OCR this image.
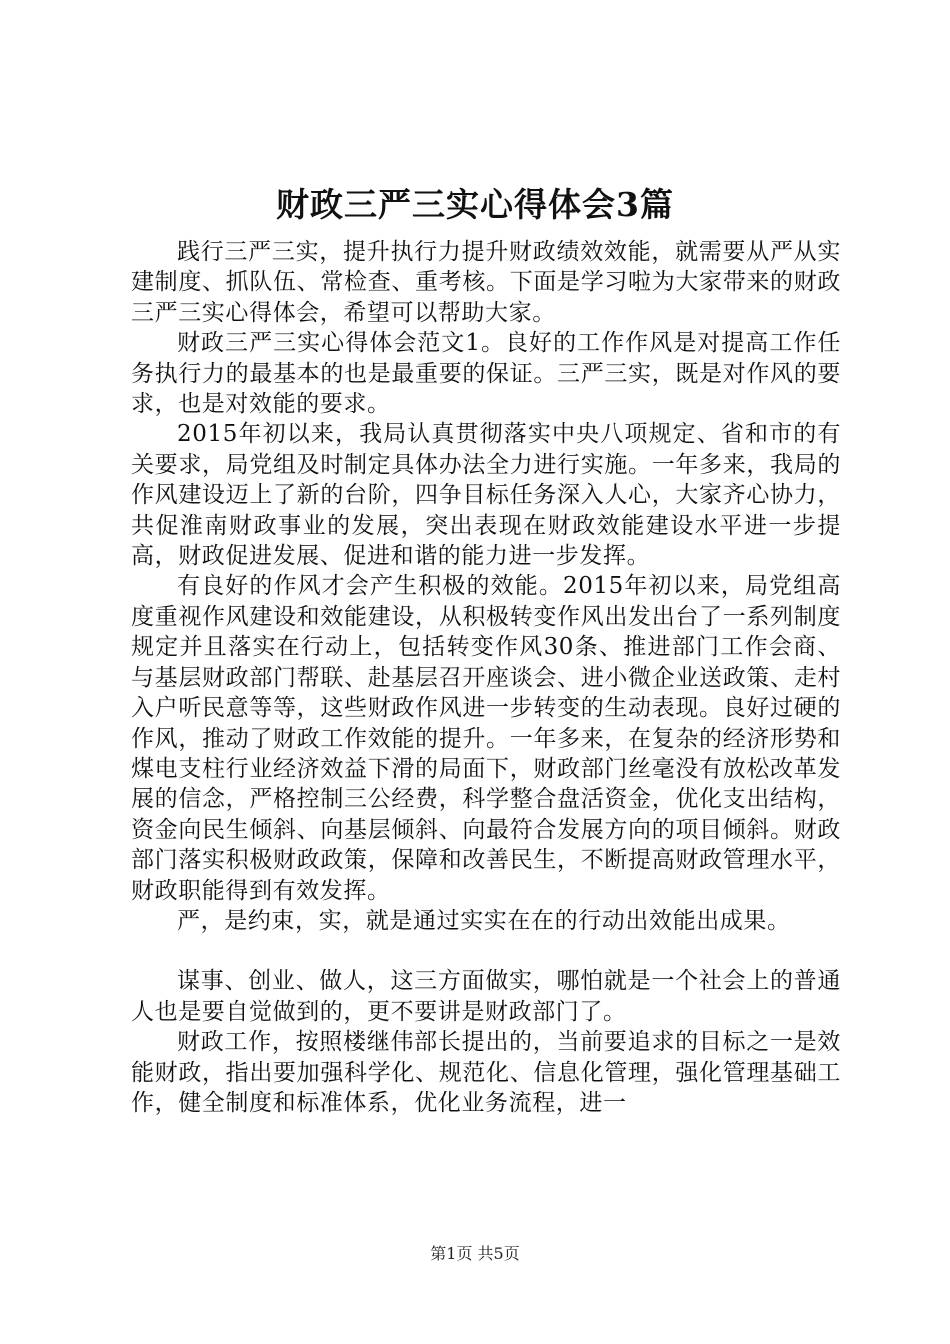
财政三严三实心得体会3篇

践行三严三实，提升执行力提升财政绩效效能，就需要从严从实建制度、抓队伍、常检查、重考核。下面是学习啦为大家带来的财政三严三实心得体会，希望可以帮助大家。

财政三严三实心得体会范文1。良好的工作作风是对提高工作任务执行力的最基本的也是最重要的保证。三严三实，既是对作风的要求，也是对效能的要求。

2015年初以来，我局认真贯彻落实中央八项规定、省和市的有关要求，局党组及时制定具体办法全力进行实施。一年多来，我局的作风建设迈上了新的台阶，四争目标任务深入人心，大家齐心协力，共促淮南财政事业的发展，突出表现在财政效能建设水平进一步提高，财政促进发展、促进和谐的能力进一步发挥。

有良好的作风才会产生积极的效能。2015年初以来，局党组高度重视作风建设和效能建设，从积极转变作风出发出台了一系列制度规定并且落实在行动上，包括转变作风30条、推进部门工作会商、与基层财政部门帮联、赴基层召开座谈会、进小微企业送政策、走村入户听民意等等，这些财政作风进一步转变的生动表现。良好过硬的作风，推动了财政工作效能的提升。一年多来，在复杂的经济形势和煤电支柱行业经济效益下滑的局面下，财政部门丝毫没有放松改革发展的信念，严格控制三公经费，科学整合盘活资金，优化支出结构，资金向民生倾斜、向基层倾斜、向最符合发展方向的项目倾斜。财政部门落实积极财政政策，保障和改善民生，不断提高财政管理水平，财政职能得到有效发挥。

严，是约束，实，就是通过实实在在的行动出效能出成果。

谋事、创业、做人，这三方面做实，哪怕就是一个社会上的普通人也是要自觉做到的，更不要讲是财政部门了。

财政工作，按照楼继伟部长提出的，当前要追求的目标之一是效能财政，指出要加强科学化、规范化、信息化管理，强化管理基础工作，健全制度和标准体系，优化业务流程，进一

第1页 共5页
